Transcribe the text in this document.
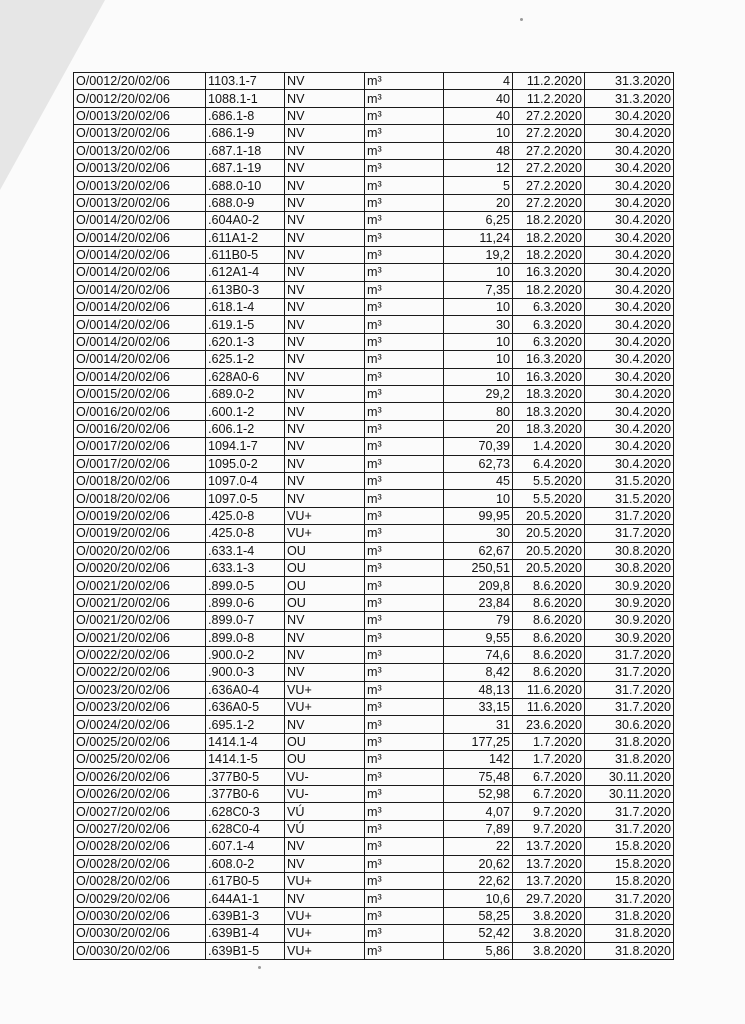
O/0012/20/02/06	1103.1-7	NV	m³	4	11.2.2020	31.3.2020
O/0012/20/02/06	1088.1-1	NV	m³	40	11.2.2020	31.3.2020
O/0013/20/02/06	.686.1-8	NV	m³	40	27.2.2020	30.4.2020
O/0013/20/02/06	.686.1-9	NV	m³	10	27.2.2020	30.4.2020
O/0013/20/02/06	.687.1-18	NV	m³	48	27.2.2020	30.4.2020
O/0013/20/02/06	.687.1-19	NV	m³	12	27.2.2020	30.4.2020
O/0013/20/02/06	.688.0-10	NV	m³	5	27.2.2020	30.4.2020
O/0013/20/02/06	.688.0-9	NV	m³	20	27.2.2020	30.4.2020
O/0014/20/02/06	.604A0-2	NV	m³	6,25	18.2.2020	30.4.2020
O/0014/20/02/06	.611A1-2	NV	m³	11,24	18.2.2020	30.4.2020
O/0014/20/02/06	.611B0-5	NV	m³	19,2	18.2.2020	30.4.2020
O/0014/20/02/06	.612A1-4	NV	m³	10	16.3.2020	30.4.2020
O/0014/20/02/06	.613B0-3	NV	m³	7,35	18.2.2020	30.4.2020
O/0014/20/02/06	.618.1-4	NV	m³	10	6.3.2020	30.4.2020
O/0014/20/02/06	.619.1-5	NV	m³	30	6.3.2020	30.4.2020
O/0014/20/02/06	.620.1-3	NV	m³	10	6.3.2020	30.4.2020
O/0014/20/02/06	.625.1-2	NV	m³	10	16.3.2020	30.4.2020
O/0014/20/02/06	.628A0-6	NV	m³	10	16.3.2020	30.4.2020
O/0015/20/02/06	.689.0-2	NV	m³	29,2	18.3.2020	30.4.2020
O/0016/20/02/06	.600.1-2	NV	m³	80	18.3.2020	30.4.2020
O/0016/20/02/06	.606.1-2	NV	m³	20	18.3.2020	30.4.2020
O/0017/20/02/06	1094.1-7	NV	m³	70,39	1.4.2020	30.4.2020
O/0017/20/02/06	1095.0-2	NV	m³	62,73	6.4.2020	30.4.2020
O/0018/20/02/06	1097.0-4	NV	m³	45	5.5.2020	31.5.2020
O/0018/20/02/06	1097.0-5	NV	m³	10	5.5.2020	31.5.2020
O/0019/20/02/06	.425.0-8	VU+	m³	99,95	20.5.2020	31.7.2020
O/0019/20/02/06	.425.0-8	VU+	m³	30	20.5.2020	31.7.2020
O/0020/20/02/06	.633.1-4	OU	m³	62,67	20.5.2020	30.8.2020
O/0020/20/02/06	.633.1-3	OU	m³	250,51	20.5.2020	30.8.2020
O/0021/20/02/06	.899.0-5	OU	m³	209,8	8.6.2020	30.9.2020
O/0021/20/02/06	.899.0-6	OU	m³	23,84	8.6.2020	30.9.2020
O/0021/20/02/06	.899.0-7	NV	m³	79	8.6.2020	30.9.2020
O/0021/20/02/06	.899.0-8	NV	m³	9,55	8.6.2020	30.9.2020
O/0022/20/02/06	.900.0-2	NV	m³	74,6	8.6.2020	31.7.2020
O/0022/20/02/06	.900.0-3	NV	m³	8,42	8.6.2020	31.7.2020
O/0023/20/02/06	.636A0-4	VU+	m³	48,13	11.6.2020	31.7.2020
O/0023/20/02/06	.636A0-5	VU+	m³	33,15	11.6.2020	31.7.2020
O/0024/20/02/06	.695.1-2	NV	m³	31	23.6.2020	30.6.2020
O/0025/20/02/06	1414.1-4	OU	m³	177,25	1.7.2020	31.8.2020
O/0025/20/02/06	1414.1-5	OU	m³	142	1.7.2020	31.8.2020
O/0026/20/02/06	.377B0-5	VU-	m³	75,48	6.7.2020	30.11.2020
O/0026/20/02/06	.377B0-6	VU-	m³	52,98	6.7.2020	30.11.2020
O/0027/20/02/06	.628C0-3	VÚ	m³	4,07	9.7.2020	31.7.2020
O/0027/20/02/06	.628C0-4	VÚ	m³	7,89	9.7.2020	31.7.2020
O/0028/20/02/06	.607.1-4	NV	m³	22	13.7.2020	15.8.2020
O/0028/20/02/06	.608.0-2	NV	m³	20,62	13.7.2020	15.8.2020
O/0028/20/02/06	.617B0-5	VU+	m³	22,62	13.7.2020	15.8.2020
O/0029/20/02/06	.644A1-1	NV	m³	10,6	29.7.2020	31.7.2020
O/0030/20/02/06	.639B1-3	VU+	m³	58,25	3.8.2020	31.8.2020
O/0030/20/02/06	.639B1-4	VU+	m³	52,42	3.8.2020	31.8.2020
O/0030/20/02/06	.639B1-5	VU+	m³	5,86	3.8.2020	31.8.2020
